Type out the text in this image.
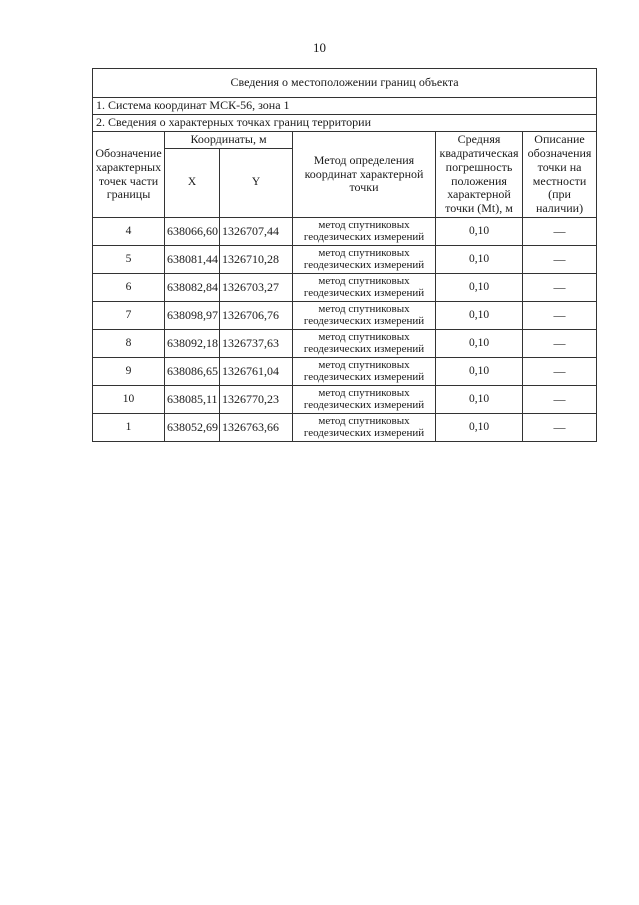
10
Сведения о местоположении границ объекта					
1. Система координат МСК-56, зона 1					
2. Сведения о характерных точках границ территории					
Обозначение характерных точек части границы	Координаты, м		Метод определения координат характерной точки	Средняя квадратическая погрешность положения характерной точки (Mt), м	Описание обозначения точки на местности (при наличии)
	X	Y			
4	638066,60	1326707,44	метод спутниковых геодезических измерений	0,10	—
5	638081,44	1326710,28	метод спутниковых геодезических измерений	0,10	—
6	638082,84	1326703,27	метод спутниковых геодезических измерений	0,10	—
7	638098,97	1326706,76	метод спутниковых геодезических измерений	0,10	—
8	638092,18	1326737,63	метод спутниковых геодезических измерений	0,10	—
9	638086,65	1326761,04	метод спутниковых геодезических измерений	0,10	—
10	638085,11	1326770,23	метод спутниковых геодезических измерений	0,10	—
1	638052,69	1326763,66	метод спутниковых геодезических измерений	0,10	—
